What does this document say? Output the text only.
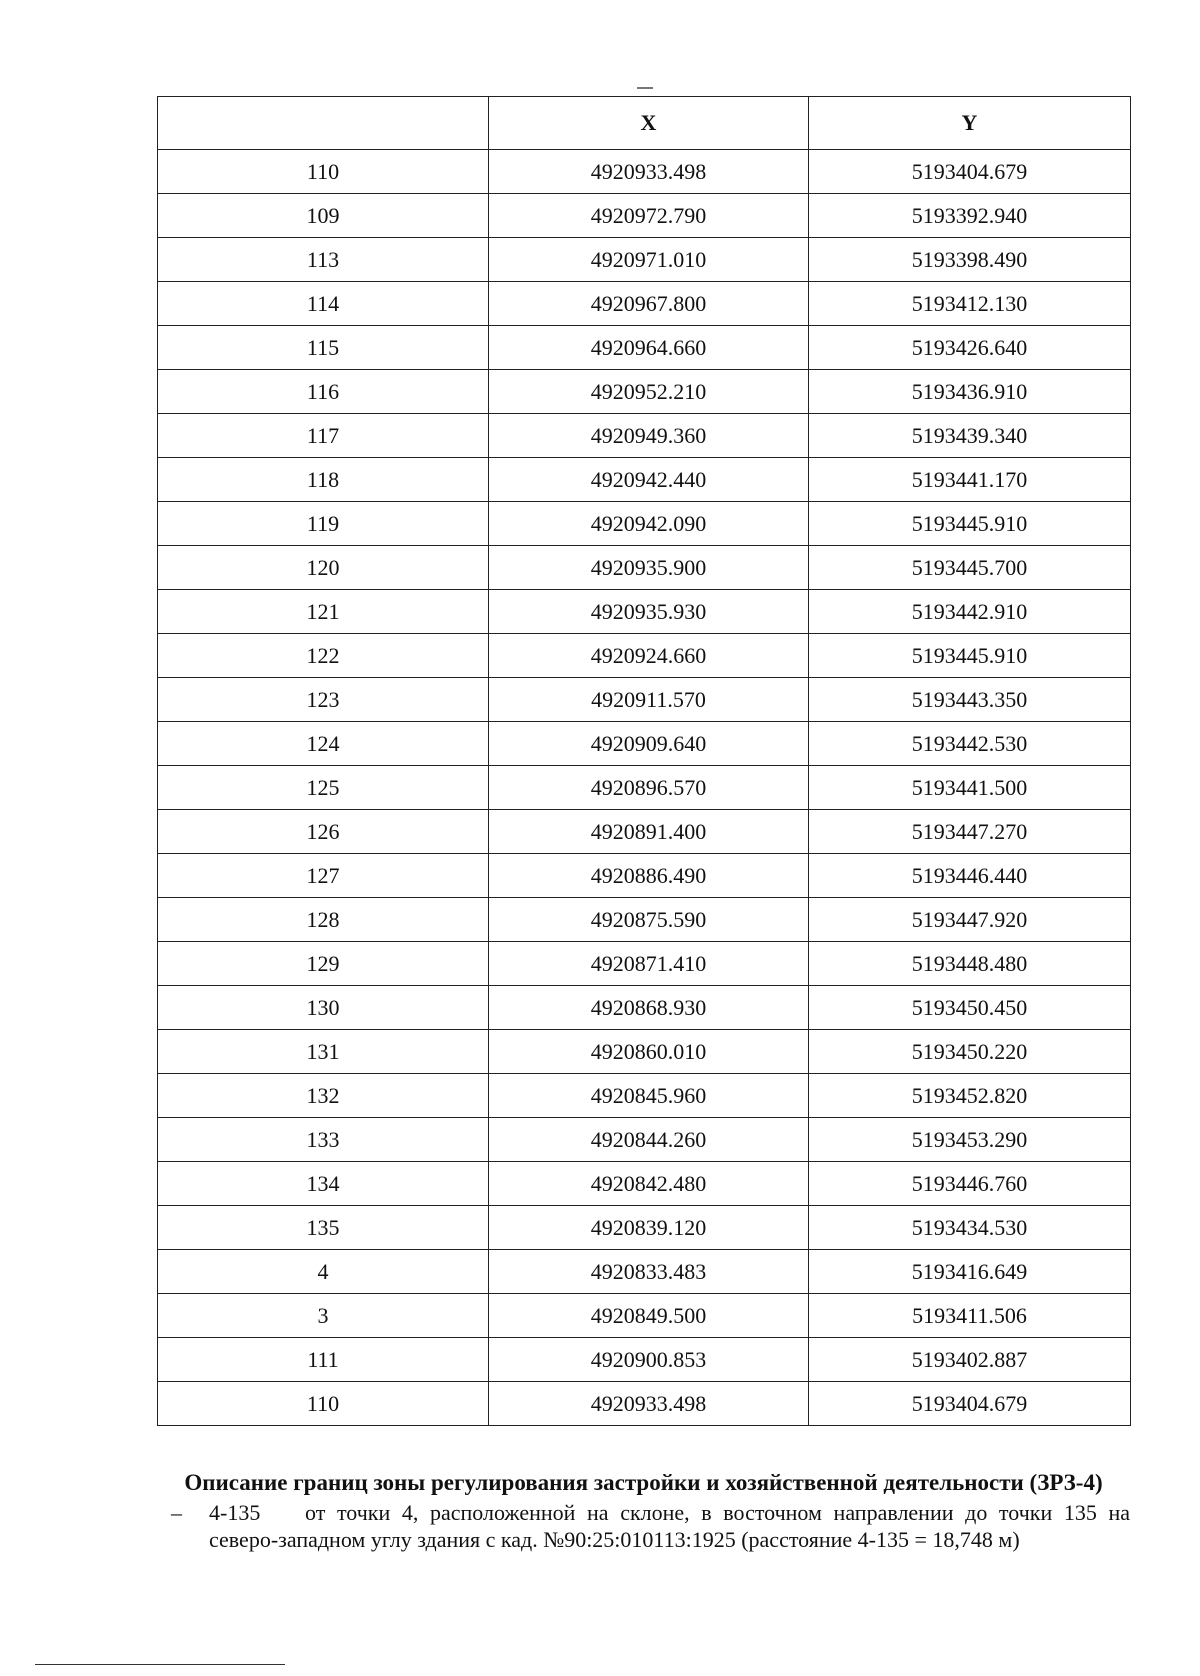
	X	Y
110	4920933.498	5193404.679
109	4920972.790	5193392.940
113	4920971.010	5193398.490
114	4920967.800	5193412.130
115	4920964.660	5193426.640
116	4920952.210	5193436.910
117	4920949.360	5193439.340
118	4920942.440	5193441.170
119	4920942.090	5193445.910
120	4920935.900	5193445.700
121	4920935.930	5193442.910
122	4920924.660	5193445.910
123	4920911.570	5193443.350
124	4920909.640	5193442.530
125	4920896.570	5193441.500
126	4920891.400	5193447.270
127	4920886.490	5193446.440
128	4920875.590	5193447.920
129	4920871.410	5193448.480
130	4920868.930	5193450.450
131	4920860.010	5193450.220
132	4920845.960	5193452.820
133	4920844.260	5193453.290
134	4920842.480	5193446.760
135	4920839.120	5193434.530
4	4920833.483	5193416.649
3	4920849.500	5193411.506
111	4920900.853	5193402.887
110	4920933.498	5193404.679
Описание границ зоны регулирования застройки и хозяйственной деятельности (ЗРЗ-4)
– 4-135 от точки 4, расположенной на склоне, в восточном направлении до точки 135 на северо-западном углу здания с кад. №90:25:010113:1925 (расстояние 4-135 = 18,748 м)
